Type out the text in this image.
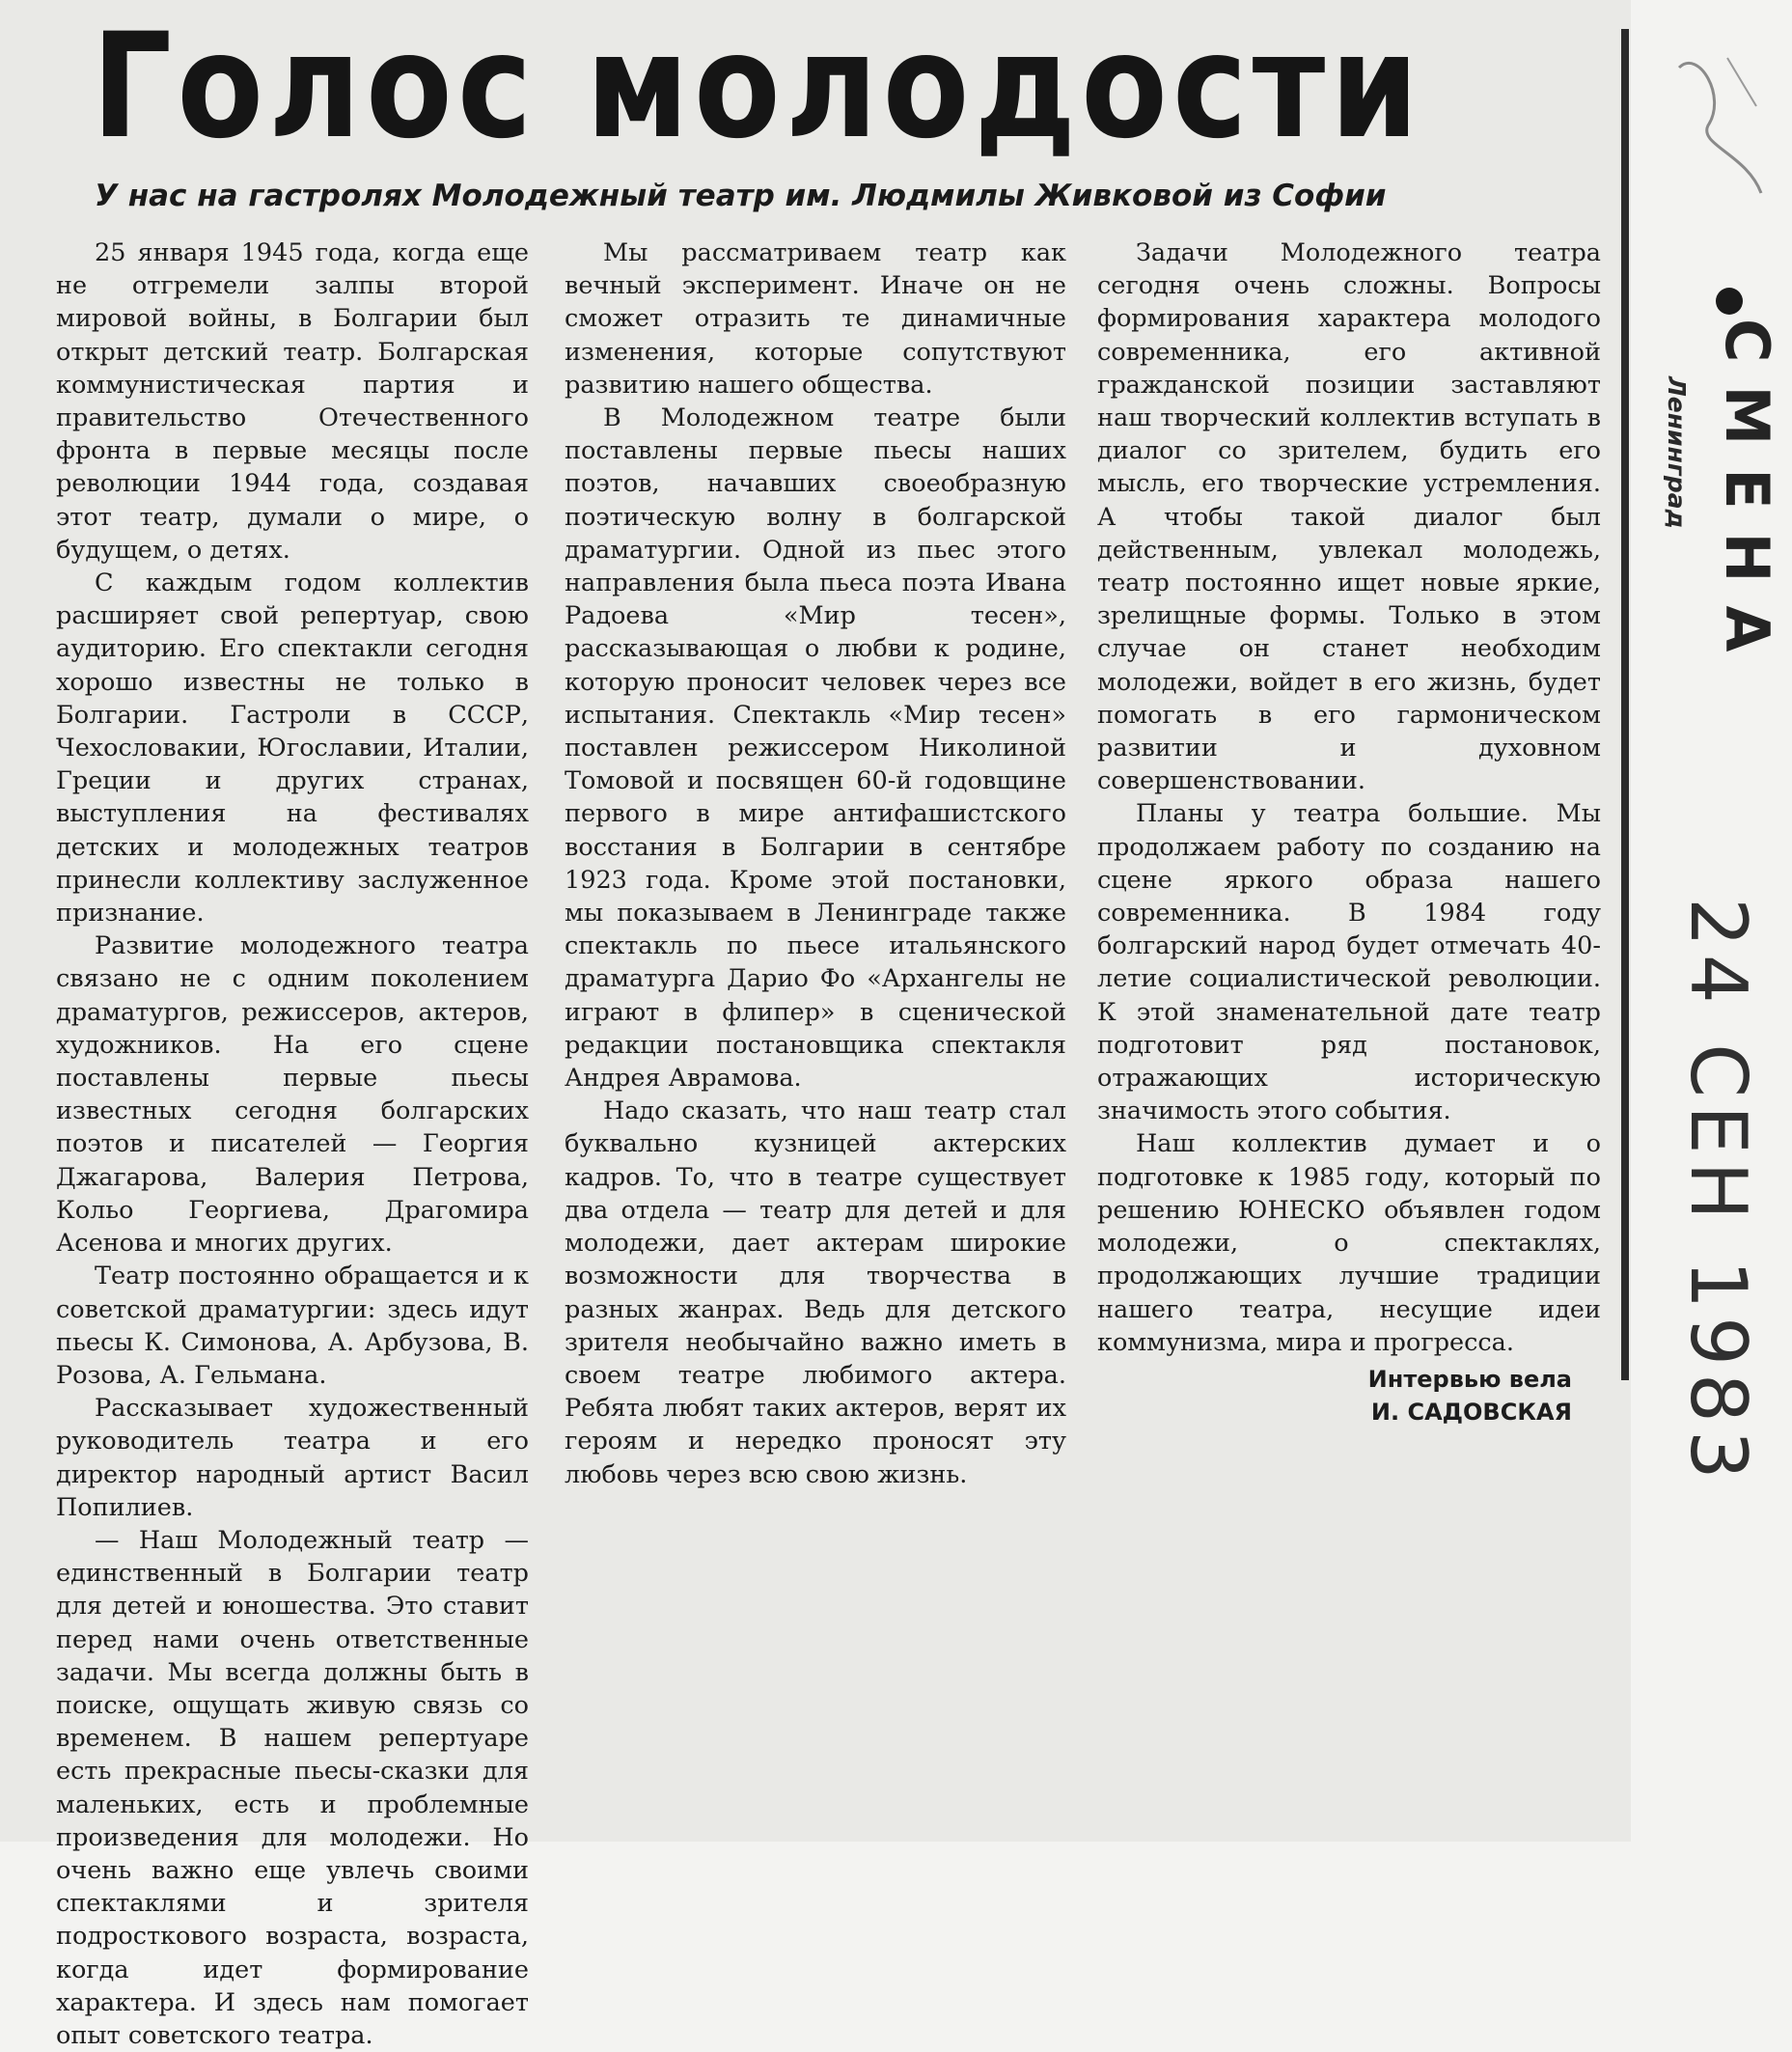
Голос молодости
У нас на гастролях Молодежный театр им. Людмилы Живковой из Софии

25 января 1945 года, когда еще не отгремели залпы второй мировой войны, в Болгарии был открыт детский театр. Болгарская коммунистическая партия и правительство Отечественного фронта в первые месяцы после революции 1944 года, создавая этот театр, думали о мире, о будущем, о детях.

С каждым годом коллектив расширяет свой репертуар, свою аудиторию. Его спектакли сегодня хорошо известны не только в Болгарии. Гастроли в СССР, Чехословакии, Югославии, Италии, Греции и других странах, выступления на фестивалях детских и молодежных театров принесли коллективу заслуженное признание.

Развитие молодежного театра связано не с одним поколением драматургов, режиссеров, актеров, художников. На его сцене поставлены первые пьесы известных сегодня болгарских поэтов и писателей — Георгия Джагарова, Валерия Петрова, Кольо Георгиева, Драгомира Асенова и многих других.

Театр постоянно обращается и к советской драматургии: здесь идут пьесы К. Симонова, А. Арбузова, В. Розова, А. Гельмана.

Рассказывает художественный руководитель театра и его директор народный артист Васил Попилиев.

— Наш Молодежный театр — единственный в Болгарии театр для детей и юношества. Это ставит перед нами очень ответственные задачи. Мы всегда должны быть в поиске, ощущать живую связь со временем. В нашем репертуаре есть прекрасные пьесы-сказки для маленьких, есть и проблемные произведения для молодежи. Но очень важно еще увлечь своими спектаклями и зрителя подросткового возраста, возраста, когда идет формирование характера. И здесь нам помогает опыт советского театра.

Мы рассматриваем театр как вечный эксперимент. Иначе он не сможет отразить те динамичные изменения, которые сопутствуют развитию нашего общества.

В Молодежном театре были поставлены первые пьесы наших поэтов, начавших своеобразную поэтическую волну в болгарской драматургии. Одной из пьес этого направления была пьеса поэта Ивана Радоева «Мир тесен», рассказывающая о любви к родине, которую проносит человек через все испытания. Спектакль «Мир тесен» поставлен режиссером Николиной Томовой и посвящен 60-й годовщине первого в мире антифашистского восстания в Болгарии в сентябре 1923 года. Кроме этой постановки, мы показываем в Ленинграде также спектакль по пьесе итальянского драматурга Дарио Фо «Архангелы не играют в флипер» в сценической редакции постановщика спектакля Андрея Аврамова.

Надо сказать, что наш театр стал буквально кузницей актерских кадров. То, что в театре существует два отдела — театр для детей и для молодежи, дает актерам широкие возможности для творчества в разных жанрах. Ведь для детского зрителя необычайно важно иметь в своем театре любимого актера. Ребята любят таких актеров, верят их героям и нередко проносят эту любовь через всю свою жизнь.

Задачи Молодежного театра сегодня очень сложны. Вопросы формирования характера молодого современника, его активной гражданской позиции заставляют наш творческий коллектив вступать в диалог со зрителем, будить его мысль, его творческие устремления. А чтобы такой диалог был действенным, увлекал молодежь, театр постоянно ищет новые яркие, зрелищные формы. Только в этом случае он станет необходим молодежи, войдет в его жизнь, будет помогать в его гармоническом развитии и духовном совершенствовании.

Планы у театра большие. Мы продолжаем работу по созданию на сцене яркого образа нашего современника. В 1984 году болгарский народ будет отмечать 40-летие социалистической революции. К этой знаменательной дате театр подготовит ряд постановок, отражающих историческую значимость этого события.

Наш коллектив думает и о подготовке к 1985 году, который по решению ЮНЕСКО объявлен годом молодежи, о спектаклях, продолжающих лучшие традиции нашего театра, несущие идеи коммунизма, мира и прогресса.

Интервью вела
И. САДОВСКАЯ
СМЕНА
Ленинград
24 СЕН 1983
